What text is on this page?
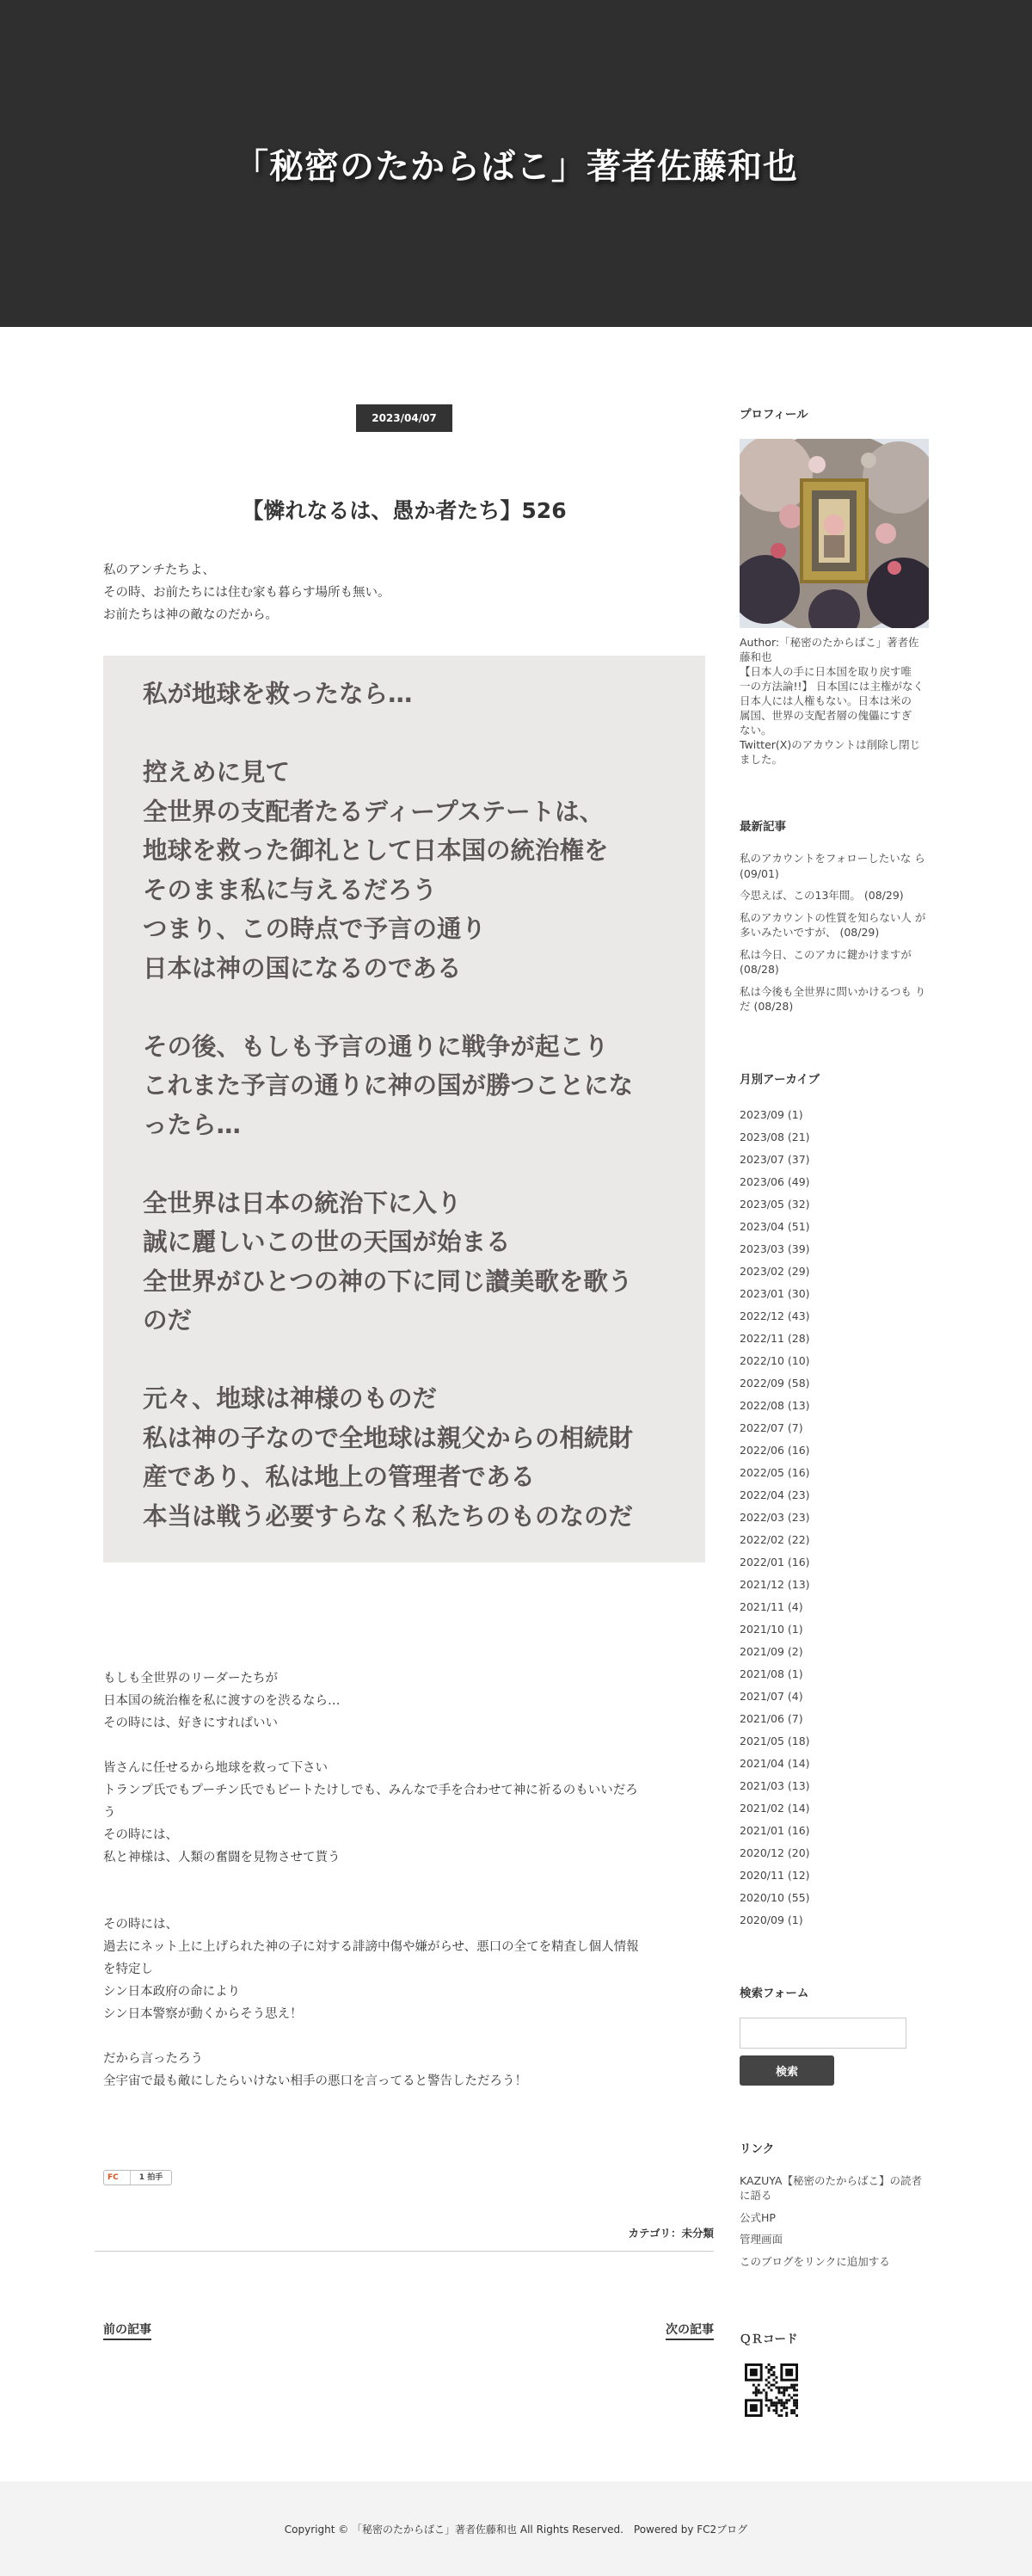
「秘密のたからばこ」著者佐藤和也
2023/04/07
【憐れなるは、愚か者たち】526
私のアンチたちよ、
その時、お前たちには住む家も暮らす場所も無い。
お前たちは神の敵なのだから。
私が地球を救ったなら…
控えめに見て
全世界の支配者たるディープステートは、
地球を救った御礼として日本国の統治権を
そのまま私に与えるだろう
つまり、この時点で予言の通り
日本は神の国になるのである
その後、もしも予言の通りに戦争が起こり
これまた予言の通りに神の国が勝つことにな
ったら…
全世界は日本の統治下に入り
誠に麗しいこの世の天国が始まる
全世界がひとつの神の下に同じ讃美歌を歌う
のだ
元々、地球は神様のものだ
私は神の子なので全地球は親父からの相続財
産であり、私は地上の管理者である
本当は戦う必要すらなく私たちのものなのだ
もしも全世界のリーダーたちが
日本国の統治権を私に渡すのを渋るなら…
その時には、好きにすればいい
皆さんに任せるから地球を救って下さい
トランプ氏でもプーチン氏でもビートたけしでも、みんなで手を合わせて神に祈るのもいいだろ
う
その時には、
私と神様は、人類の奮闘を見物させて貰う
その時には、
過去にネット上に上げられた神の子に対する誹謗中傷や嫌がらせ、悪口の全てを精査し個人情報
を特定し
シン日本政府の命により
シン日本警察が動くからそう思え！
だから言ったろう
全宇宙で最も敵にしたらいけない相手の悪口を言ってると警告しただろう！
FC	1 拍手
カテゴリ：未分類
前の記事	次の記事
プロフィール
Author:「秘密のたからばこ」著者佐
藤和也
【日本人の手に日本国を取り戻す唯
一の方法論!!】 日本国には主権がなく
日本人には人権もない。日本は米の
属国、世界の支配者層の傀儡にすぎ
ない。
Twitter(X)のアカウントは削除し閉じ
ました。
最新記事
私のアカウントをフォローしたいな ら (09/01)
今思えば、この13年間。 (08/29)
私のアカウントの性質を知らない人 が多いみたいですが、 (08/29)
私は今日、このアカに鍵かけますが (08/28)
私は今後も全世界に問いかけるつも りだ (08/28)
月別アーカイブ
2023/09 (1)
2023/08 (21)
2023/07 (37)
2023/06 (49)
2023/05 (32)
2023/04 (51)
2023/03 (39)
2023/02 (29)
2023/01 (30)
2022/12 (43)
2022/11 (28)
2022/10 (10)
2022/09 (58)
2022/08 (13)
2022/07 (7)
2022/06 (16)
2022/05 (16)
2022/04 (23)
2022/03 (23)
2022/02 (22)
2022/01 (16)
2021/12 (13)
2021/11 (4)
2021/10 (1)
2021/09 (2)
2021/08 (1)
2021/07 (4)
2021/06 (7)
2021/05 (18)
2021/04 (14)
2021/03 (13)
2021/02 (14)
2021/01 (16)
2020/12 (20)
2020/11 (12)
2020/10 (55)
2020/09 (1)
検索フォーム
検索
リンク
KAZUYA【秘密のたからばこ】の読者 に語る
公式HP
管理画面
このブログをリンクに追加する
ＱＲコード
Copyright © 「秘密のたからばこ」著者佐藤和也 All Rights Reserved.　Powered by FC2ブログ
